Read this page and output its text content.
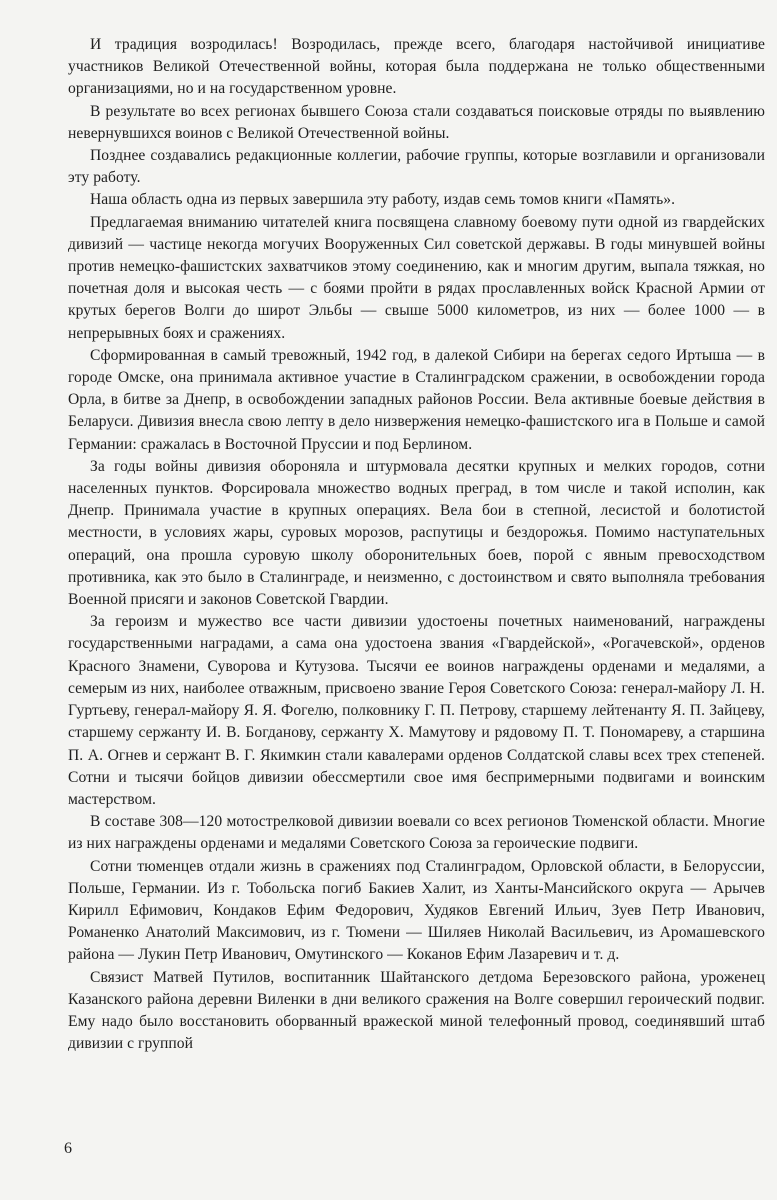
И традиция возродилась! Возродилась, прежде всего, благодаря настойчивой инициативе участников Великой Отечественной войны, которая была поддержана не только общественными организациями, но и на государственном уровне.

В результате во всех регионах бывшего Союза стали создаваться поисковые отряды по выявлению невернувшихся воинов с Великой Отечественной войны.

Позднее создавались редакционные коллегии, рабочие группы, которые возглавили и организовали эту работу.

Наша область одна из первых завершила эту работу, издав семь томов книги «Память».

Предлагаемая вниманию читателей книга посвящена славному боевому пути одной из гвардейских дивизий — частице некогда могучих Вооруженных Сил советской державы. В годы минувшей войны против немецко-фашистских захватчиков этому соединению, как и многим другим, выпала тяжкая, но почетная доля и высокая честь — с боями пройти в рядах прославленных войск Красной Армии от крутых берегов Волги до широт Эльбы — свыше 5000 километров, из них — более 1000 — в непрерывных боях и сражениях.

Сформированная в самый тревожный, 1942 год, в далекой Сибири на берегах седого Иртыша — в городе Омске, она принимала активное участие в Сталинградском сражении, в освобождении города Орла, в битве за Днепр, в освобождении западных районов России. Вела активные боевые действия в Беларуси. Дивизия внесла свою лепту в дело низвержения немецко-фашистского ига в Польше и самой Германии: сражалась в Восточной Пруссии и под Берлином.

За годы войны дивизия обороняла и штурмовала десятки крупных и мелких городов, сотни населенных пунктов. Форсировала множество водных преград, в том числе и такой исполин, как Днепр. Принимала участие в крупных операциях. Вела бои в степной, лесистой и болотистой местности, в условиях жары, суровых морозов, распутицы и бездорожья. Помимо наступательных операций, она прошла суровую школу оборонительных боев, порой с явным превосходством противника, как это было в Сталинграде, и неизменно, с достоинством и свято выполняла требования Военной присяги и законов Советской Гвардии.

За героизм и мужество все части дивизии удостоены почетных наименований, награждены государственными наградами, а сама она удостоена звания «Гвардейской», «Рогачевской», орденов Красного Знамени, Суворова и Кутузова. Тысячи ее воинов награждены орденами и медалями, а семерым из них, наиболее отважным, присвоено звание Героя Советского Союза: генерал-майору Л. Н. Гуртьеву, генерал-майору Я. Я. Фогелю, полковнику Г. П. Петрову, старшему лейтенанту Я. П. Зайцеву, старшему сержанту И. В. Богданову, сержанту Х. Мамутову и рядовому П. Т. Пономареву, а старшина П. А. Огнев и сержант В. Г. Якимкин стали кавалерами орденов Солдатской славы всех трех степеней. Сотни и тысячи бойцов дивизии обессмертили свое имя беспримерными подвигами и воинским мастерством.

В составе 308—120 мотострелковой дивизии воевали со всех регионов Тюменской области. Многие из них награждены орденами и медалями Советского Союза за героические подвиги.

Сотни тюменцев отдали жизнь в сражениях под Сталинградом, Орловской области, в Белоруссии, Польше, Германии. Из г. Тобольска погиб Бакиев Халит, из Ханты-Мансийского округа — Арычев Кирилл Ефимович, Кондаков Ефим Федорович, Худяков Евгений Ильич, Зуев Петр Иванович, Романенко Анатолий Максимович, из г. Тюмени — Шиляев Николай Васильевич, из Аромашевского района — Лукин Петр Иванович, Омутинского — Коканов Ефим Лазаревич и т. д.

Связист Матвей Путилов, воспитанник Шайтанского детдома Березовского района, уроженец Казанского района деревни Виленки в дни великого сражения на Волге совершил героический подвиг. Ему надо было восстановить оборванный вражеской миной телефонный провод, соединявший штаб дивизии с группой

6
